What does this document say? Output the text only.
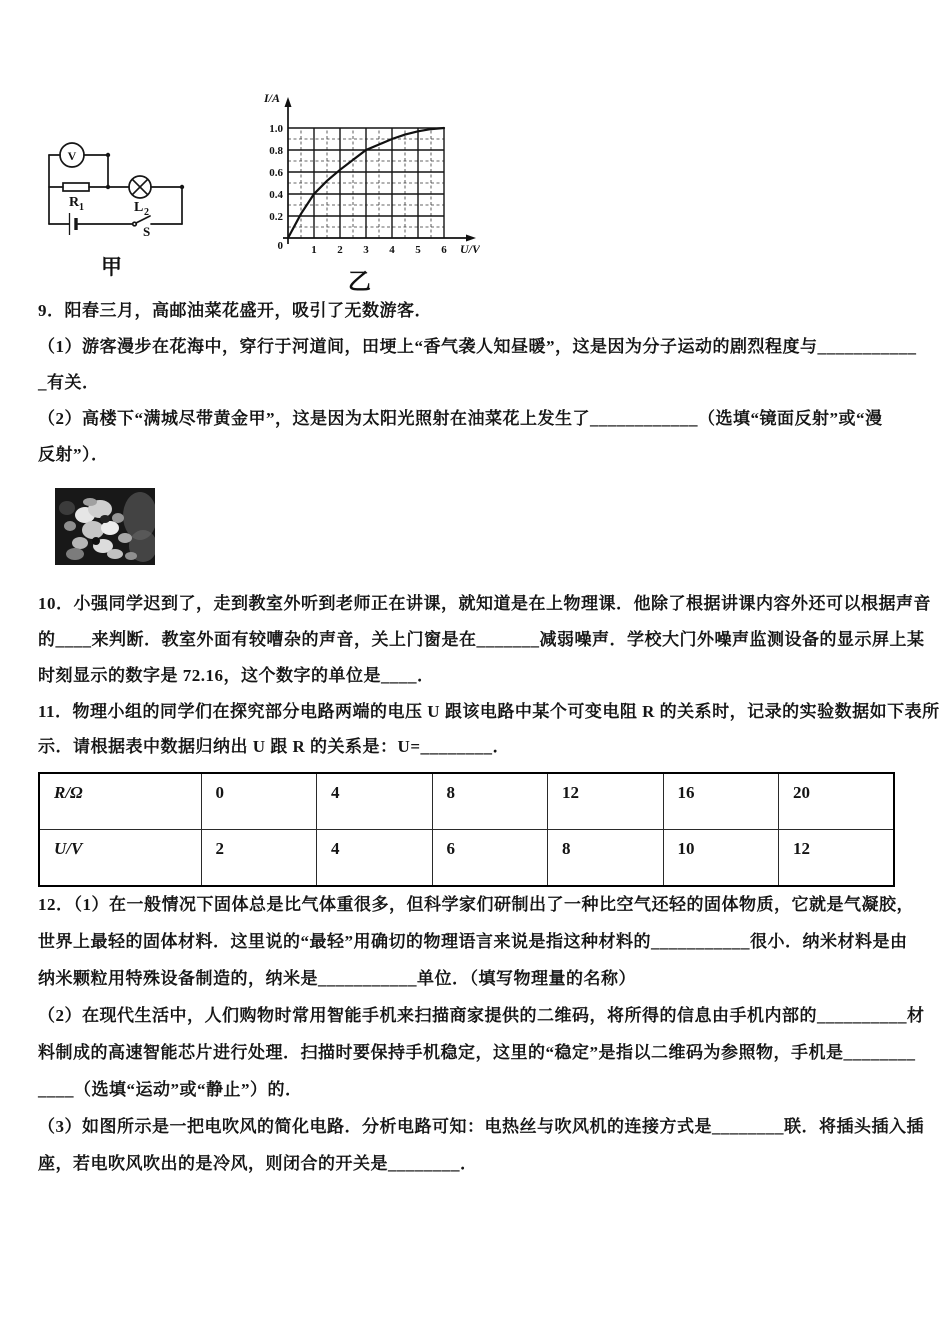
V
R 1	L 2
S
甲
0.2
0.4
0.6
0.8
1.0
0	1 2 3 4 5 6
I/A
U/V
乙
9．阳春三月，高邮油菜花盛开，吸引了无数游客．
（1）游客漫步在花海中，穿行于河道间，田埂上“香气袭人知昼暖”，这是因为分子运动的剧烈程度与___________
_有关．
（2）高楼下“满城尽带黄金甲”，这是因为太阳光照射在油菜花上发生了____________（选填“镜面反射”或“漫
反射”）．
10．小强同学迟到了，走到教室外听到老师正在讲课，就知道是在上物理课．他除了根据讲课内容外还可以根据声音
的____来判断．教室外面有较嘈杂的声音，关上门窗是在_______减弱噪声．学校大门外噪声监测设备的显示屏上某
时刻显示的数字是 72.16，这个数字的单位是____．
11．物理小组的同学们在探究部分电路两端的电压 U 跟该电路中某个可变电阻 R 的关系时，记录的实验数据如下表所
示．请根据表中数据归纳出 U 跟 R 的关系是：U=________．
R/Ω	0	4	8	12	16	20
U/V	2	4	6	8	10	12
12．（1）在一般情况下固体总是比气体重很多，但科学家们研制出了一种比空气还轻的固体物质，它就是气凝胶，
世界上最轻的固体材料．这里说的“最轻”用确切的物理语言来说是指这种材料的___________很小．纳米材料是由
纳米颗粒用特殊设备制造的，纳米是___________单位．（填写物理量的名称）
（2）在现代生活中，人们购物时常用智能手机来扫描商家提供的二维码，将所得的信息由手机内部的__________材
料制成的高速智能芯片进行处理．扫描时要保持手机稳定，这里的“稳定”是指以二维码为参照物，手机是________
____（选填“运动”或“静止”）的．
（3）如图所示是一把电吹风的简化电路．分析电路可知：电热丝与吹风机的连接方式是________联．将插头插入插
座，若电吹风吹出的是冷风，则闭合的开关是________．
